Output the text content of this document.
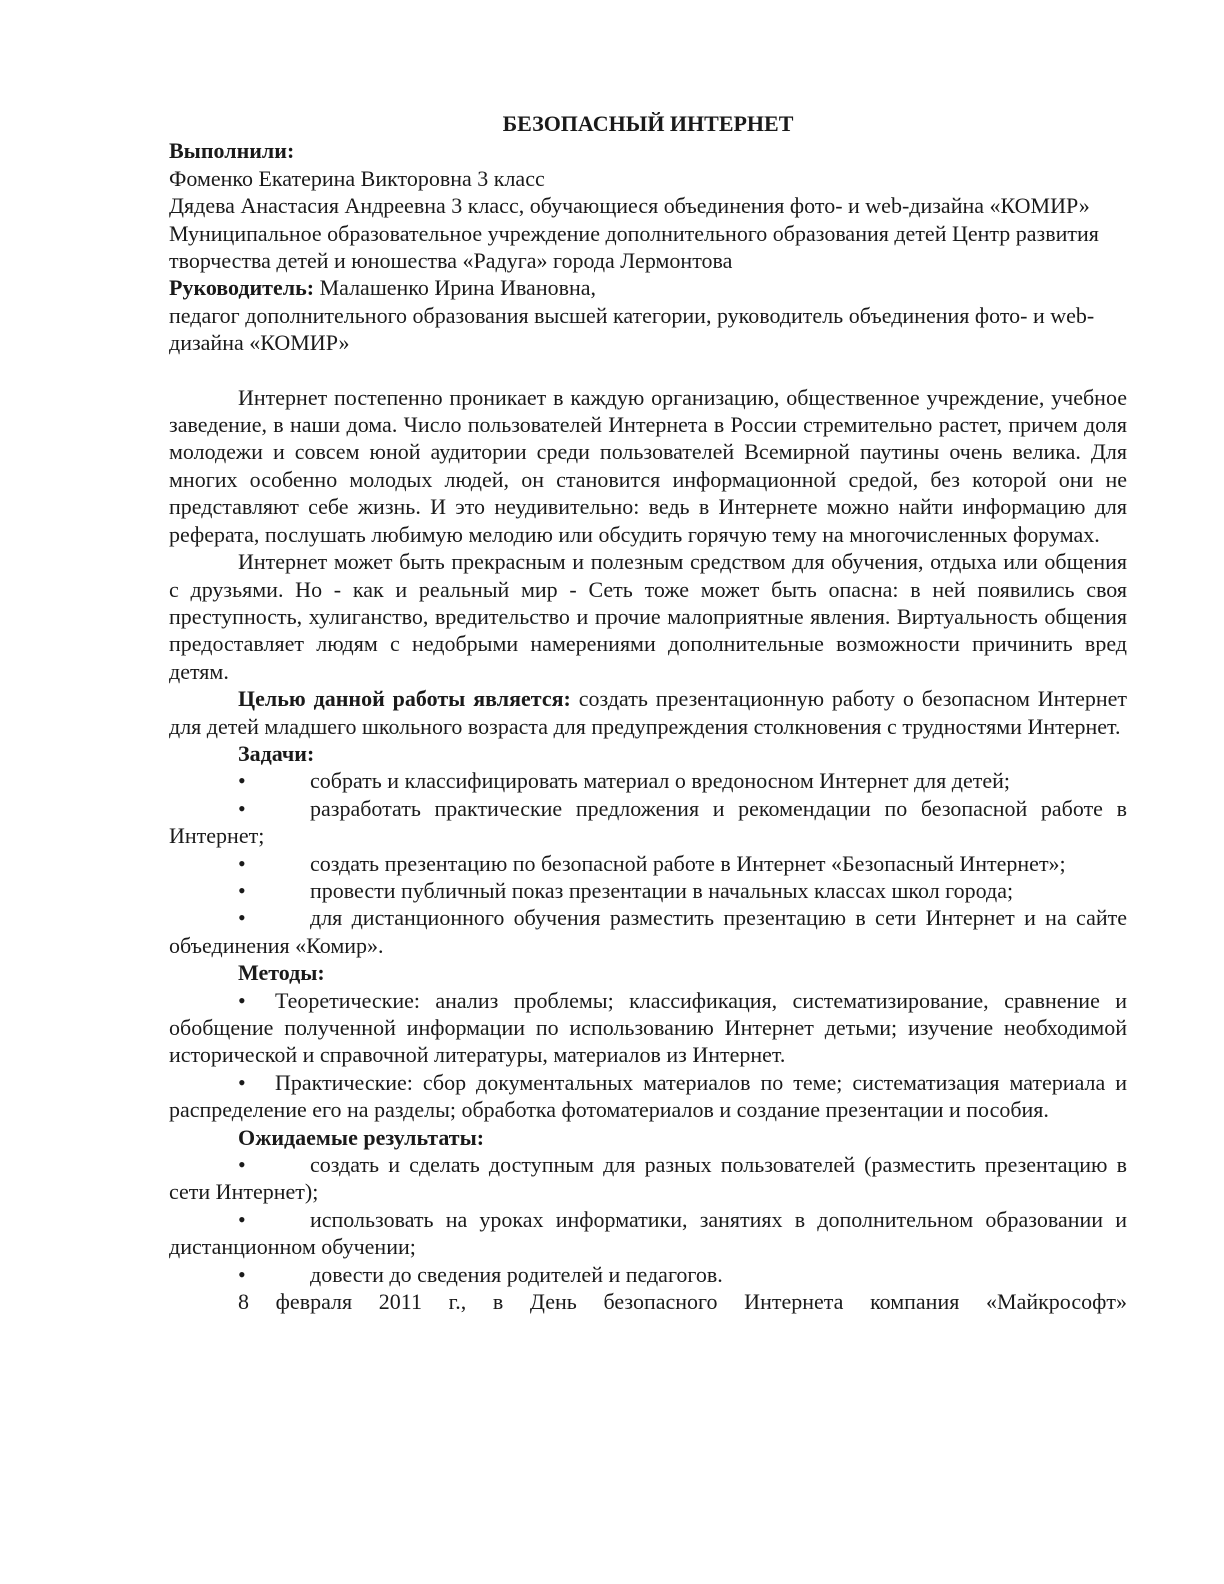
БЕЗОПАСНЫЙ ИНТЕРНЕТ

Выполнили:

Фоменко Екатерина Викторовна 3 класс

Дядева Анастасия Андреевна 3 класс, обучающиеся объединения фото- и web-дизайна «КОМИР»

Муниципальное образовательное учреждение дополнительного образования детей Центр развития творчества детей и юношества «Радуга» города Лермонтова

Руководитель: Малашенко Ирина Ивановна,

педагог дополнительного образования высшей категории, руководитель объединения фото- и web-дизайна «КОМИР»

Интернет постепенно проникает в каждую организацию, общественное учреждение, учебное заведение, в наши дома. Число пользователей Интернета в России стремительно растет, причем доля молодежи и совсем юной аудитории среди пользователей Всемирной паутины очень велика. Для многих особенно молодых людей, он становится информационной средой, без которой они не представляют себе жизнь. И это неудивительно: ведь в Интернете можно найти информацию для реферата, послушать любимую мелодию или обсудить горячую тему на многочисленных форумах.

Интернет может быть прекрасным и полезным средством для обучения, отдыха или общения с друзьями. Но - как и реальный мир - Сеть тоже может быть опасна: в ней появились своя преступность, хулиганство, вредительство и прочие малоприятные явления. Виртуальность общения предоставляет людям с недобрыми намерениями дополнительные возможности причинить вред детям.

Целью данной работы является: создать презентационную работу о безопасном Интернет для детей младшего школьного возраста для предупреждения столкновения с трудностями Интернет.

Задачи:

•	собрать и классифицировать материал о вредоносном Интернет для детей;

•	разработать практические предложения и рекомендации по безопасной работе в Интернет;

•	создать презентацию по безопасной работе в Интернет «Безопасный Интернет»;

•	провести публичный показ презентации в начальных классах школ города;

•	для дистанционного обучения разместить презентацию в сети Интернет и на сайте объединения «Комир».

Методы:

• Теоретические: анализ проблемы; классификация, систематизирование, сравнение и обобщение полученной информации по использованию Интернет детьми; изучение необходимой исторической и справочной литературы, материалов из Интернет.

• Практические: сбор документальных материалов по теме; систематизация материала и распределение его на разделы; обработка фотоматериалов и создание презентации и пособия.

Ожидаемые результаты:

•	создать и сделать доступным для разных пользователей (разместить презентацию в сети Интернет);

•	использовать на уроках информатики, занятиях в дополнительном образовании и дистанционном обучении;

•	довести до сведения родителей и педагогов.

8 февраля 2011 г., в День безопасного Интернета компания «Майкрософт»
